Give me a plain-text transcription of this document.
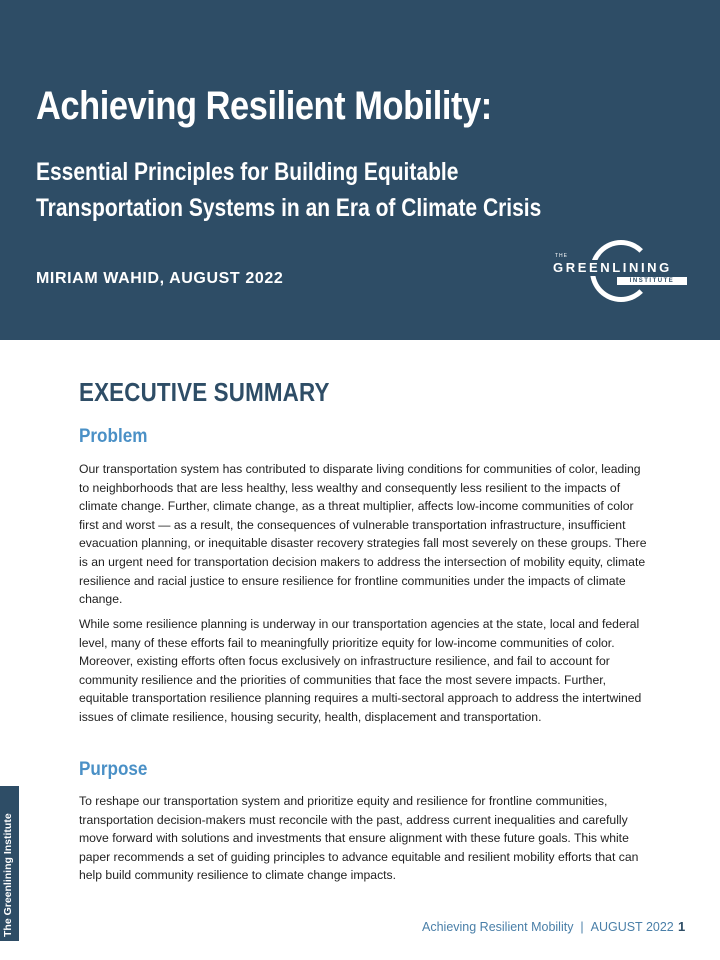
Achieving Resilient Mobility:
Essential Principles for Building Equitable
Transportation Systems in an Era of Climate Crisis
MIRIAM WAHID, AUGUST 2022
THE
GREENLINING
INSTITUTE
EXECUTIVE SUMMARY
Problem

Our transportation system has contributed to disparate living conditions for communities of color, leading to neighborhoods that are less healthy, less wealthy and consequently less resilient to the impacts of climate change. Further, climate change, as a threat multiplier, affects low-income communities of color first and worst — as a result, the consequences of vulnerable transportation infrastructure, insufficient evacuation planning, or inequitable disaster recovery strategies fall most severely on these groups. There is an urgent need for transportation decision makers to address the intersection of mobility equity, climate resilience and racial justice to ensure resilience for frontline communities under the impacts of climate change.

While some resilience planning is underway in our transportation agencies at the state, local and federal level, many of these efforts fail to meaningfully prioritize equity for low-income communities of color. Moreover, existing efforts often focus exclusively on infrastructure resilience, and fail to account for community resilience and the priorities of communities that face the most severe impacts. Further, equitable transportation resilience planning requires a multi-sectoral approach to address the intertwined issues of climate resilience, housing security, health, displacement and transportation.

Purpose

To reshape our transportation system and prioritize equity and resilience for frontline communities, transportation decision-makers must reconcile with the past, address current inequalities and carefully move forward with solutions and investments that ensure alignment with these future goals. This white paper recommends a set of guiding principles to advance equitable and resilient mobility efforts that can help build community resilience to climate change impacts.

The Greenlining Institute	Achieving Resilient Mobility | AUGUST 2022 1
